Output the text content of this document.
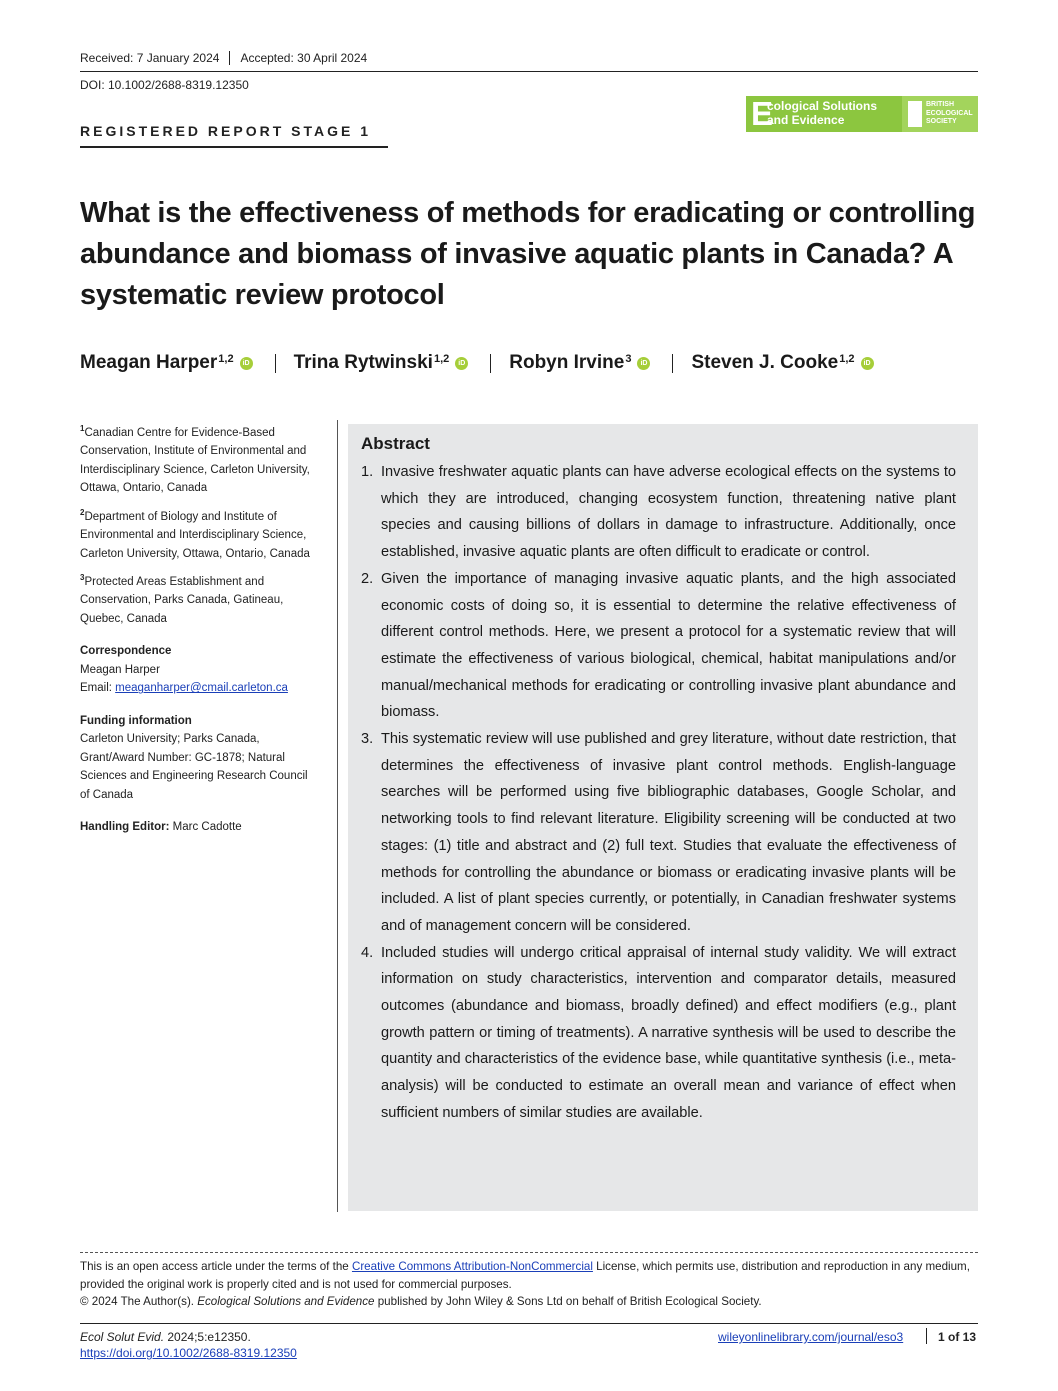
Received: 7 January 2024 Accepted: 30 April 2024
DOI: 10.1002/2688-8319.12350
E
cological Solutions
and Evidence
BRITISH
ECOLOGICAL
SOCIETY
REGISTERED REPORT STAGE 1
What is the effectiveness of methods for eradicating or controlling abundance and biomass of invasive aquatic plants in Canada? A systematic review protocol
Meagan Harper$^{1,2}$	iD Trina Rytwinski$^{1,2}$	iD Robyn Irvine$^3$	iD Steven J. Cooke$^{1,2}$	iD
$^1$Canadian Centre for Evidence-Based Conservation, Institute of Environmental and Interdisciplinary Science, Carleton University, Ottawa, Ontario, Canada
$^2$Department of Biology and Institute of Environmental and Interdisciplinary Science, Carleton University, Ottawa, Ontario, Canada
$^3$Protected Areas Establishment and Conservation, Parks Canada, Gatineau, Quebec, Canada
Correspondence
Meagan Harper
Email: meaganharper@cmail.carleton.ca
Funding information
Carleton University; Parks Canada, Grant/Award Number: GC-1878; Natural Sciences and Engineering Research Council of Canada
Handling Editor: Marc Cadotte
Abstract
1. Invasive freshwater aquatic plants can have adverse ecological effects on the systems to which they are introduced, changing ecosystem function, threatening native plant species and causing billions of dollars in damage to infrastructure. Additionally, once established, invasive aquatic plants are often difficult to eradicate or control.
2. Given the importance of managing invasive aquatic plants, and the high associated economic costs of doing so, it is essential to determine the relative effectiveness of different control methods. Here, we present a protocol for a systematic review that will estimate the effectiveness of various biological, chemical, habitat manipulations and/or manual/mechanical methods for eradicating or controlling invasive plant abundance and biomass.
3. This systematic review will use published and grey literature, without date restriction, that determines the effectiveness of invasive plant control methods. English-language searches will be performed using five bibliographic databases, Google Scholar, and networking tools to find relevant literature. Eligibility screening will be conducted at two stages: (1) title and abstract and (2) full text. Studies that evaluate the effectiveness of methods for controlling the abundance or biomass or eradicating invasive plants will be included. A list of plant species currently, or potentially, in Canadian freshwater systems and of management concern will be considered.
4. Included studies will undergo critical appraisal of internal study validity. We will extract information on study characteristics, intervention and comparator details, measured outcomes (abundance and biomass, broadly defined) and effect modifiers (e.g., plant growth pattern or timing of treatments). A narrative synthesis will be used to describe the quantity and characteristics of the evidence base, while quantitative synthesis (i.e., meta-analysis) will be conducted to estimate an overall mean and variance of effect when sufficient numbers of similar studies are available.
This is an open access article under the terms of the Creative Commons Attribution-NonCommercial License, which permits use, distribution and reproduction in any medium, provided the original work is properly cited and is not used for commercial purposes.
© 2024 The Author(s). Ecological Solutions and Evidence published by John Wiley & Sons Ltd on behalf of British Ecological Society.
Ecol Solut Evid. 2024;5:e12350.
https://doi.org/10.1002/2688-8319.12350
wileyonlinelibrary.com/journal/eso3	1 of 13
